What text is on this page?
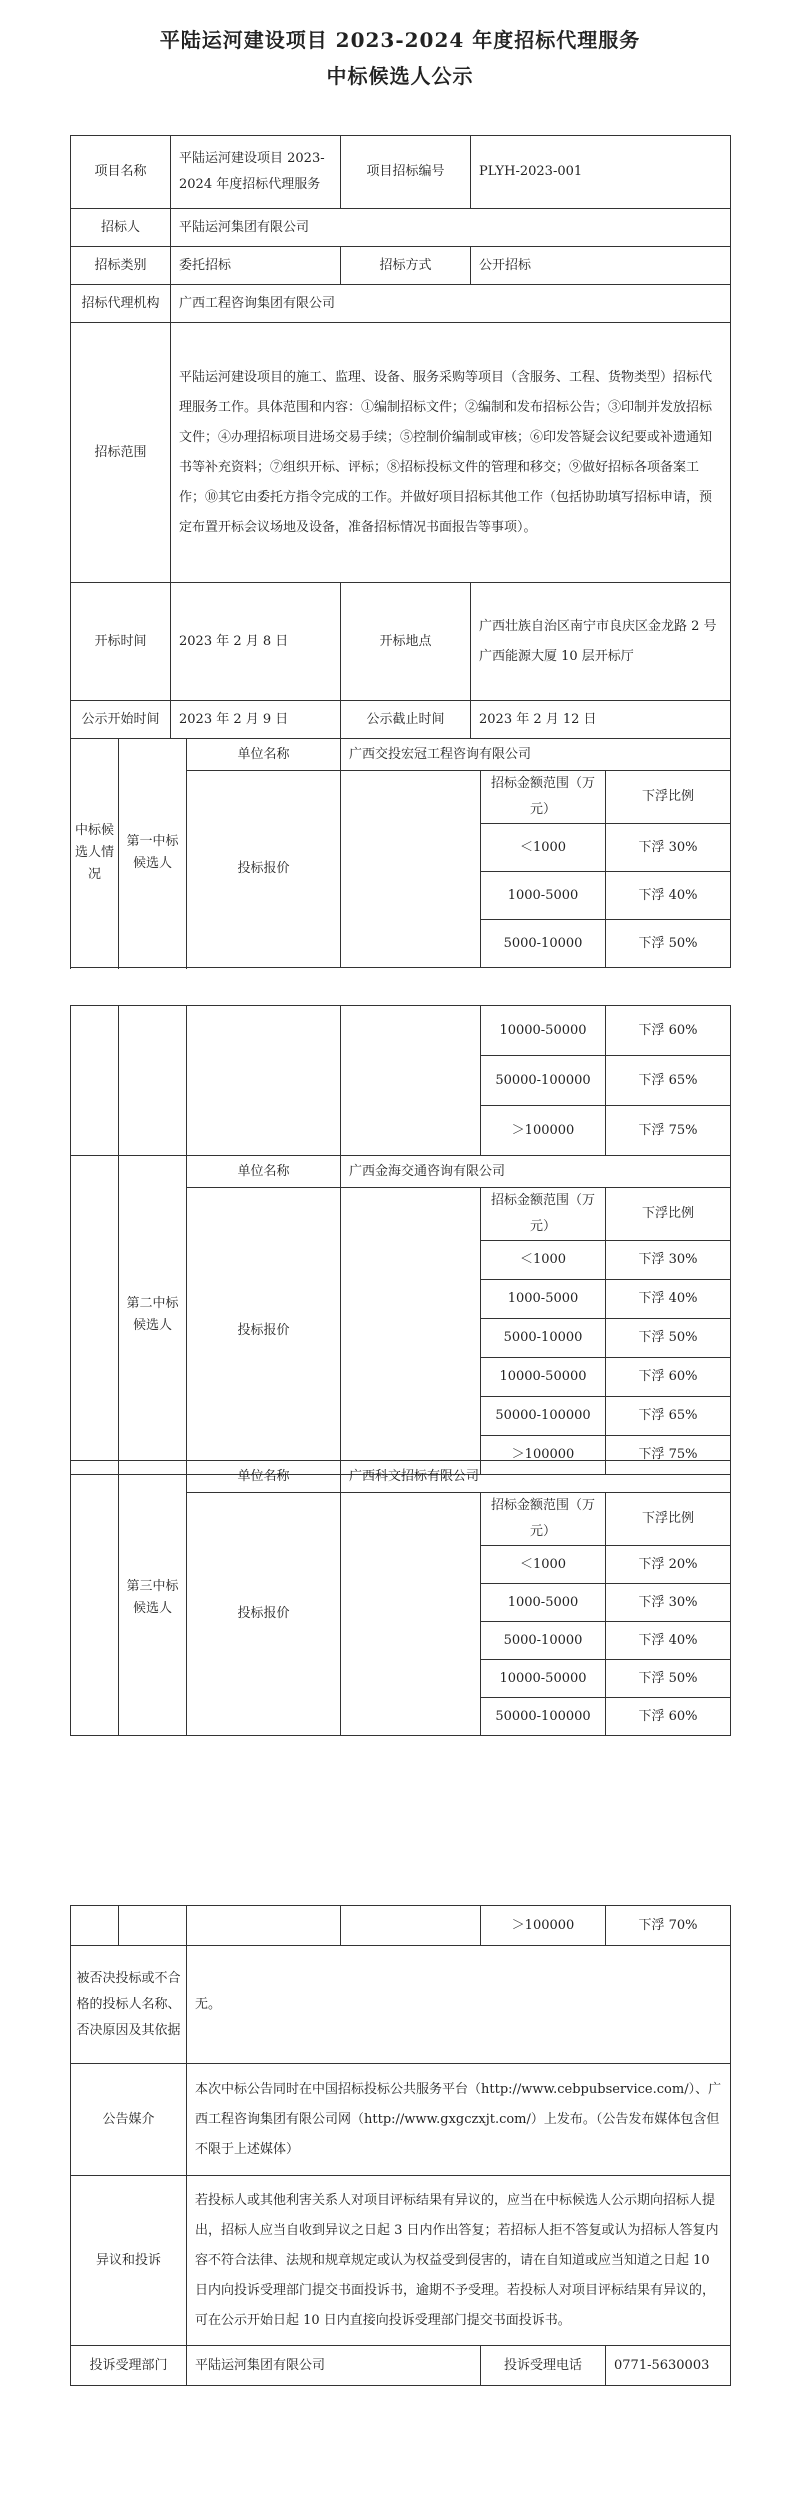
平陆运河建设项目 2023-2024 年度招标代理服务
中标候选人公示
项目名称	平陆运河建设项目 2023-2024 年度招标代理服务	项目招标编号	PLYH-2023-001
招标人	平陆运河集团有限公司		
招标类别	委托招标	招标方式	公开招标
招标代理机构	广西工程咨询集团有限公司		
招标范围	平陆运河建设项目的施工、监理、设备、服务采购等项目（含服务、工程、货物类型）招标代理服务工作。具体范围和内容：①编制招标文件；②编制和发布招标公告；③印制并发放招标文件；④办理招标项目进场交易手续；⑤控制价编制或审核；⑥印发答疑会议纪要或补遗通知书等补充资料；⑦组织开标、评标；⑧招标投标文件的管理和移交；⑨做好招标各项备案工作；⑩其它由委托方指令完成的工作。并做好项目招标其他工作（包括协助填写招标申请，预定布置开标会议场地及设备，准备招标情况书面报告等事项）。		
开标时间	2023 年 2 月 8 日	开标地点	广西壮族自治区南宁市良庆区金龙路 2 号广西能源大厦 10 层开标厅
公示开始时间	2023 年 2 月 9 日	公示截止时间	2023 年 2 月 12 日
中标候选人情况	第一中标候选人	单位名称	广西交投宏冠工程咨询有限公司		
		投标报价		招标金额范围（万元）	下浮比例
				＜1000	下浮 30%
				1000-5000	下浮 40%
				5000-10000	下浮 50%

				10000-50000	下浮 60%
				50000-100000	下浮 65%
				＞100000	下浮 75%
	第二中标候选人	单位名称	广西金海交通咨询有限公司		
		投标报价		招标金额范围（万元）	下浮比例
				＜1000	下浮 30%
				1000-5000	下浮 40%
				5000-10000	下浮 50%
				10000-50000	下浮 60%
				50000-100000	下浮 65%
				＞100000	下浮 75%
	第三中标候选人	单位名称	广西科文招标有限公司		
		投标报价		招标金额范围（万元）	下浮比例
				＜1000	下浮 20%
				1000-5000	下浮 30%
				5000-10000	下浮 40%
				10000-50000	下浮 50%
				50000-100000	下浮 60%
				＞100000	下浮 70%
被否决投标或不合格的投标人名称、否决原因及其依据		无。			
公告媒介		本次中标公告同时在中国招标投标公共服务平台（http://www.cebpubservice.com/）、广西工程咨询集团有限公司网（http://www.gxgczxjt.com/）上发布。（公告发布媒体包含但不限于上述媒体）			
异议和投诉		若投标人或其他利害关系人对项目评标结果有异议的，应当在中标候选人公示期向招标人提出，招标人应当自收到异议之日起 3 日内作出答复；若招标人拒不答复或认为招标人答复内容不符合法律、法规和规章规定或认为权益受到侵害的，请在自知道或应当知道之日起 10 日内向投诉受理部门提交书面投诉书，逾期不予受理。若投标人对项目评标结果有异议的，可在公示开始日起 10 日内直接向投诉受理部门提交书面投诉书。			
投诉受理部门		平陆运河集团有限公司		投诉受理电话	0771-5630003
